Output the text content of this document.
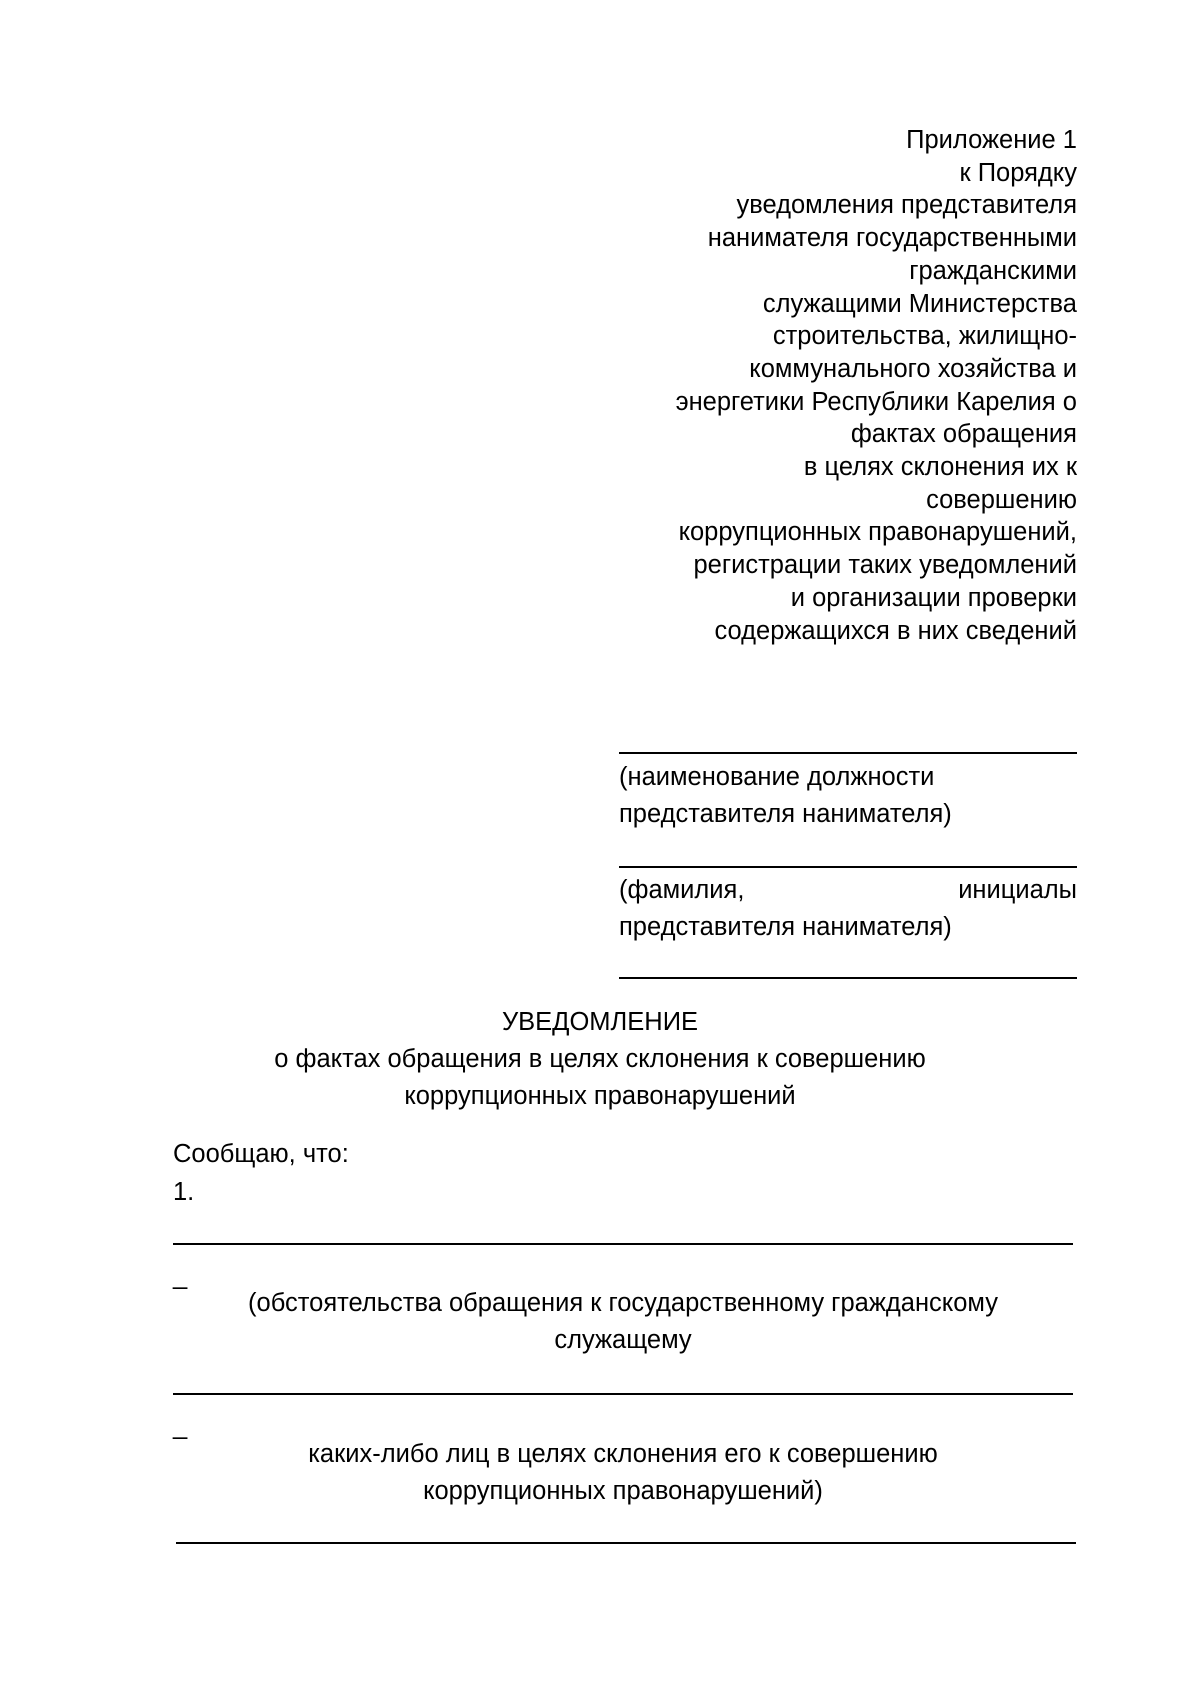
Приложение 1
к Порядку
уведомления представителя
нанимателя государственными
гражданскими
служащими Министерства
строительства, жилищно-
коммунального хозяйства и
энергетики Республики Карелия о
фактах обращения
в целях склонения их к
совершению
коррупционных правонарушений,
регистрации таких уведомлений
и организации проверки
содержащихся в них сведений
(наименование должности
представителя нанимателя)
(фамилия,	инициалы
представителя нанимателя)
УВЕДОМЛЕНИЕ
о фактах обращения в целях склонения к совершению
коррупционных правонарушений
Сообщаю, что:
1.
_
(обстоятельства обращения к государственному гражданскому
служащему
_
каких-либо лиц в целях склонения его к совершению
коррупционных правонарушений)
